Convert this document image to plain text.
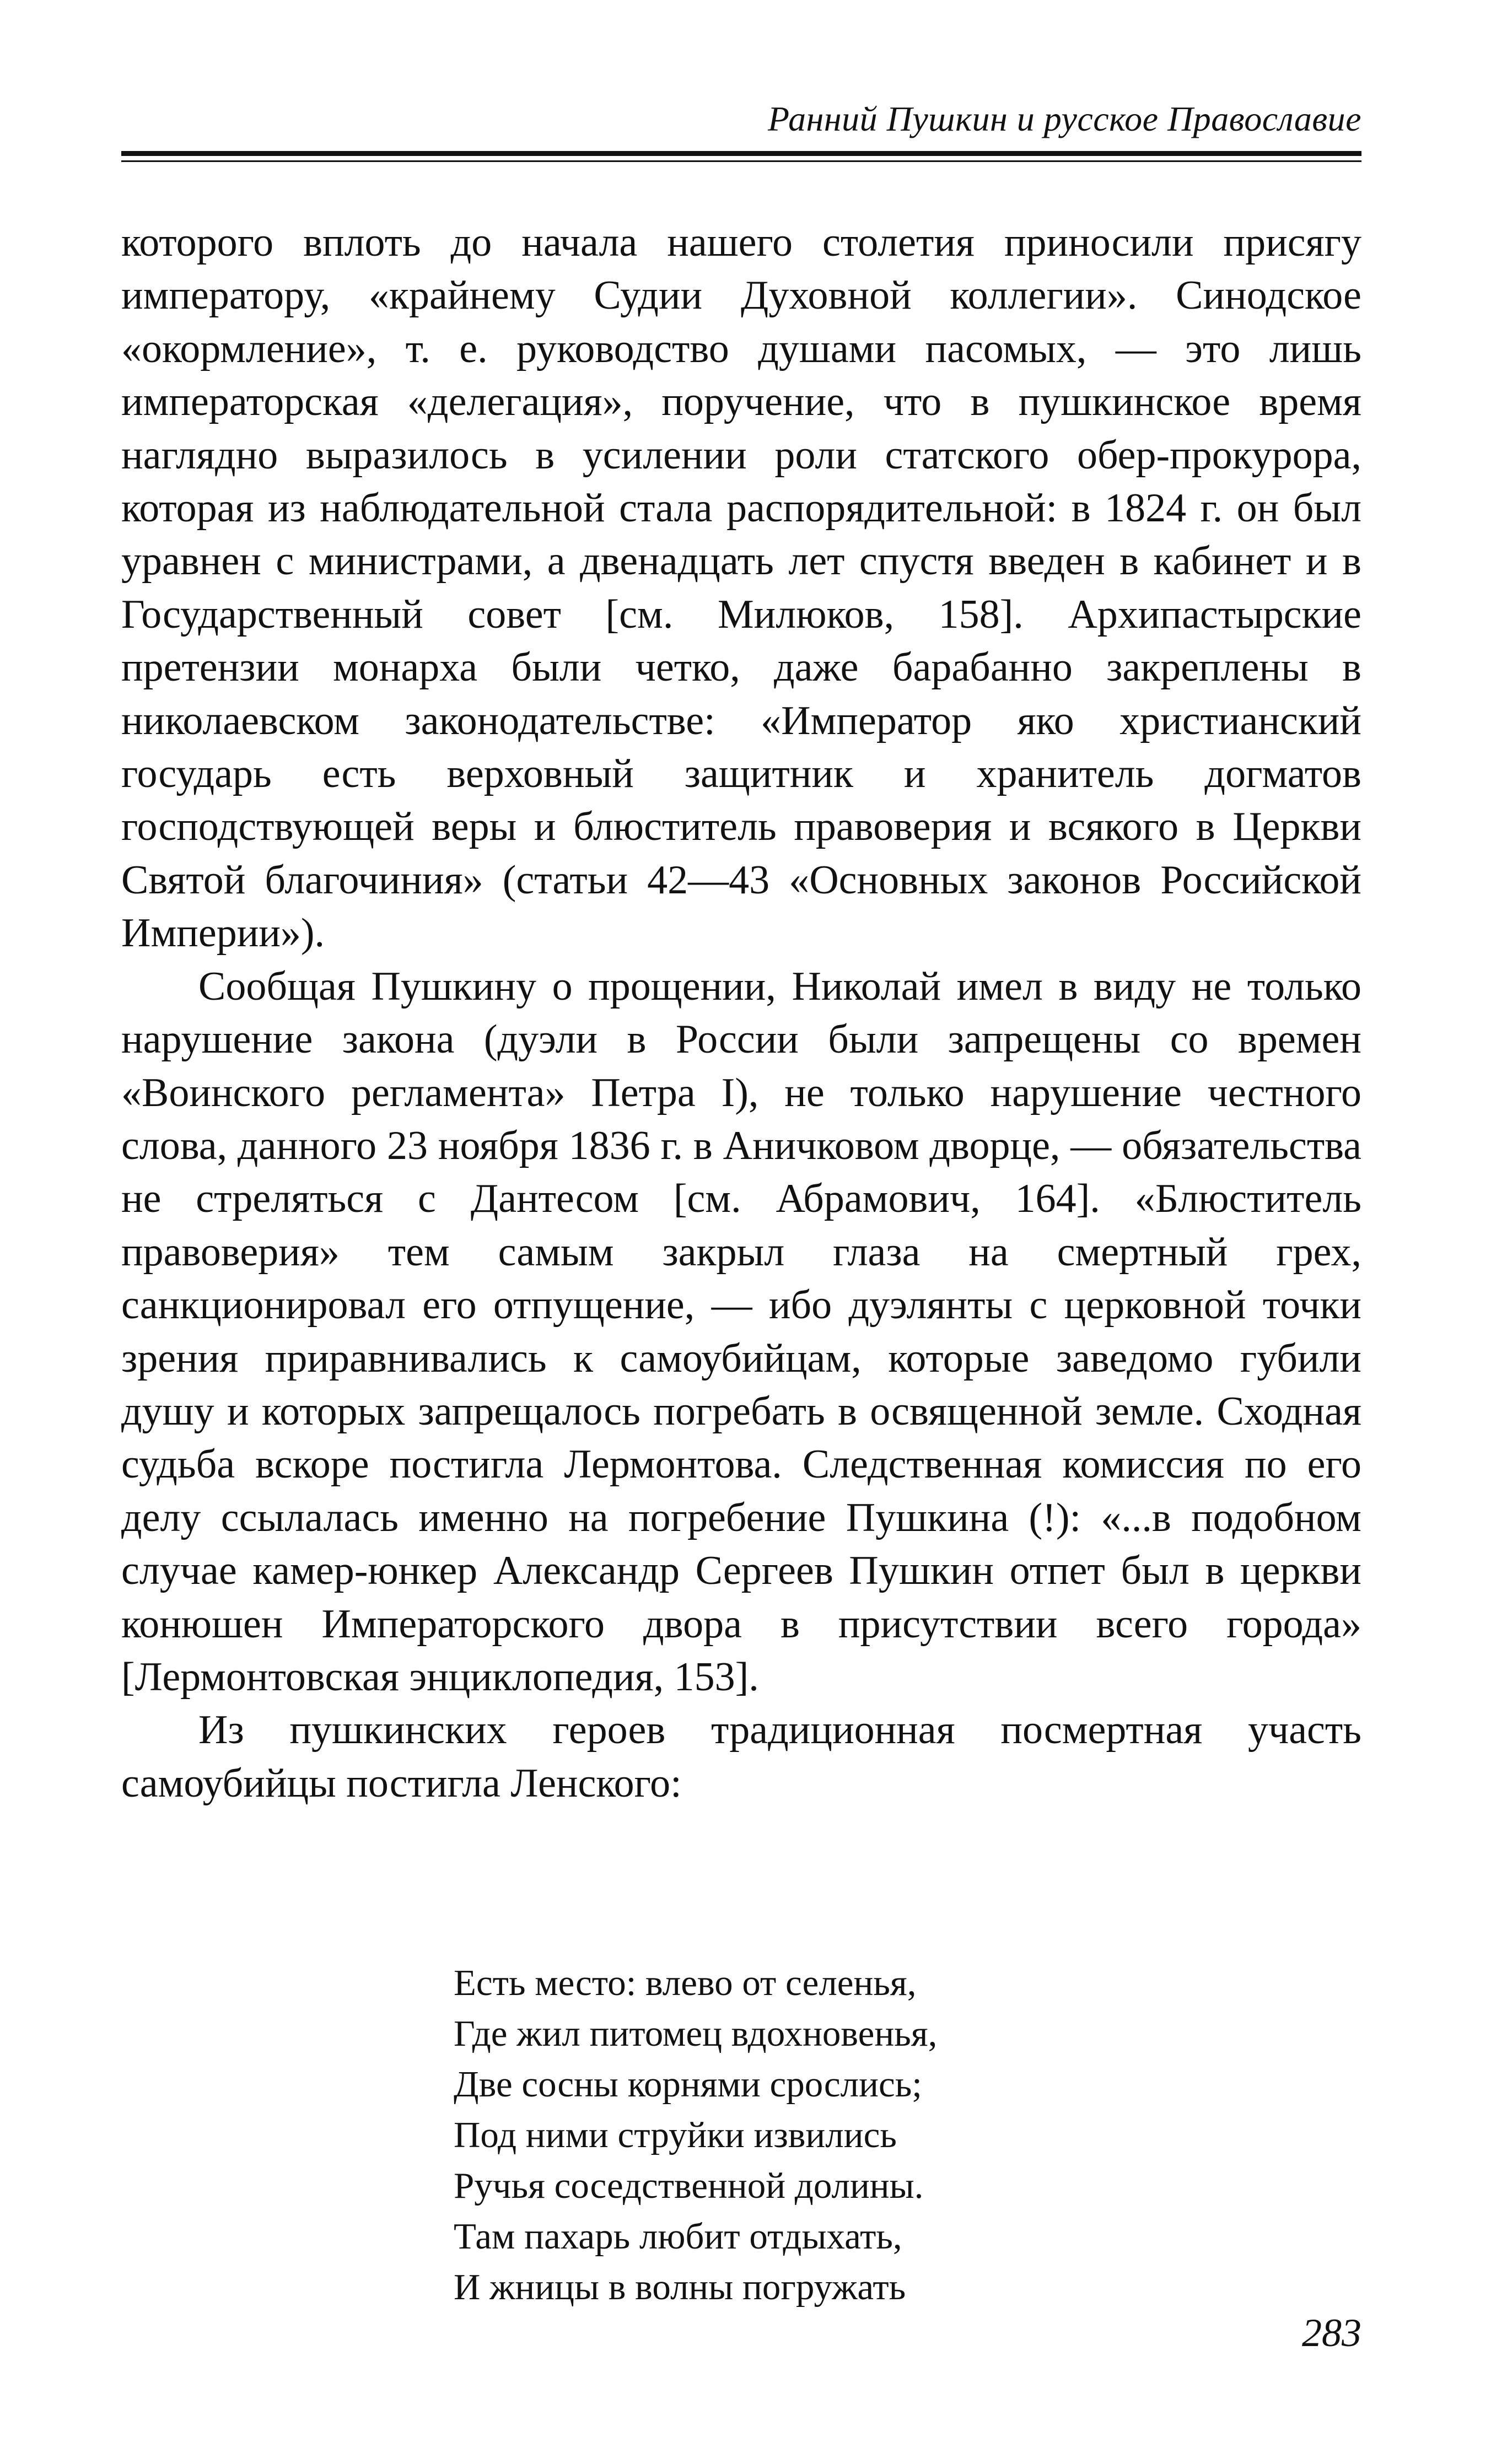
Ранний Пушкин и русское Православие

которого вплоть до начала нашего столетия приносили присягу императору, «крайнему Судии Духовной коллегии». Синодское «окормление», т. е. руководство душами пасомых, — это лишь императорская «делегация», поручение, что в пушкинское время наглядно выразилось в усилении роли статского обер-прокурора, которая из наблюдательной стала распорядительной: в 1824 г. он был уравнен с министрами, а двенадцать лет спустя введен в кабинет и в Государственный совет [см. Милюков, 158]. Архипастырские претензии монарха были четко, даже барабанно закреплены в николаевском законодательстве: «Император яко христианский государь есть верховный защитник и хранитель догматов господствующей веры и блюститель правоверия и всякого в Церкви Святой благочиния» (статьи 42—43 «Основных законов Российской Империи»).

Сообщая Пушкину о прощении, Николай имел в виду не только нарушение закона (дуэли в России были запрещены со времен «Воинского регламента» Петра I), не только нарушение честного слова, данного 23 ноября 1836 г. в Аничковом дворце, — обязательства не стреляться с Дантесом [см. Абрамович, 164]. «Блюститель правоверия» тем самым закрыл глаза на смертный грех, санкционировал его отпущение, — ибо дуэлянты с церковной точки зрения приравнивались к самоубийцам, которые заведомо губили душу и которых запрещалось погребать в освященной земле. Сходная судьба вскоре постигла Лермонтова. Следственная комиссия по его делу ссылалась именно на погребение Пушкина (!): «...в подобном случае камер-юнкер Александр Сергеев Пушкин отпет был в церкви конюшен Императорского двора в присутствии всего города» [Лермонтовская энциклопедия, 153].

Из пушкинских героев традиционная посмертная участь самоубийцы постигла Ленского:

Есть место: влево от селенья,
Где жил питомец вдохновенья,
Две сосны корнями срослись;
Под ними струйки извились
Ручья соседственной долины.
Там пахарь любит отдыхать,
И жницы в волны погружать
283
